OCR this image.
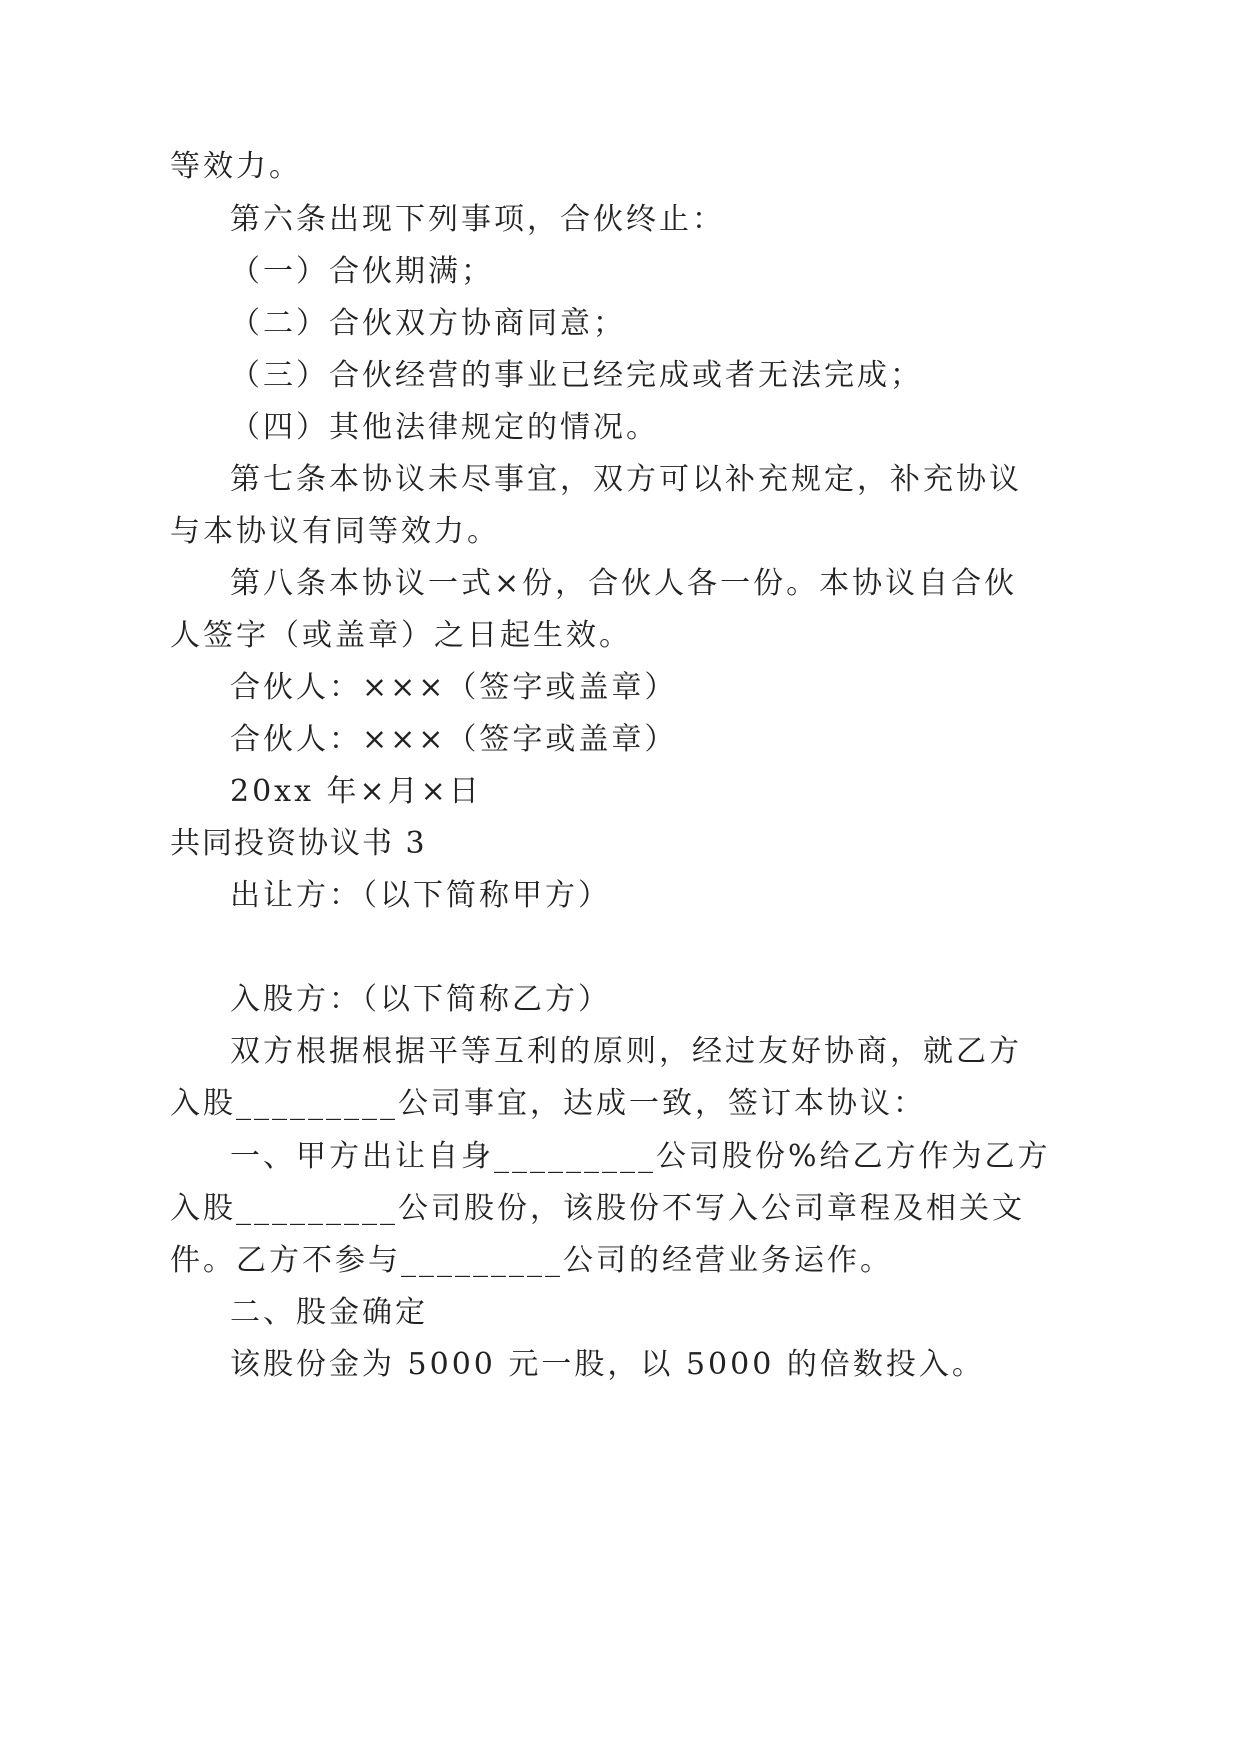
等效力。
第六条出现下列事项，合伙终止：
（一）合伙期满；
（二）合伙双方协商同意；
（三）合伙经营的事业已经完成或者无法完成；
（四）其他法律规定的情况。
第七条本协议未尽事宜，双方可以补充规定，补充协议
与本协议有同等效力。
第八条本协议一式×份，合伙人各一份。本协议自合伙
人签字（或盖章）之日起生效。
合伙人：×××（签字或盖章）
合伙人：×××（签字或盖章）
20xx 年×月×日
共同投资协议书 3
出让方：（以下简称甲方）
入股方：（以下简称乙方）
双方根据根据平等互利的原则，经过友好协商，就乙方
入股_________公司事宜，达成一致，签订本协议：
一、甲方出让自身_________公司股份%给乙方作为乙方
入股_________公司股份，该股份不写入公司章程及相关文
件。乙方不参与_________公司的经营业务运作。
二、股金确定
该股份金为 5000 元一股，以 5000 的倍数投入。
